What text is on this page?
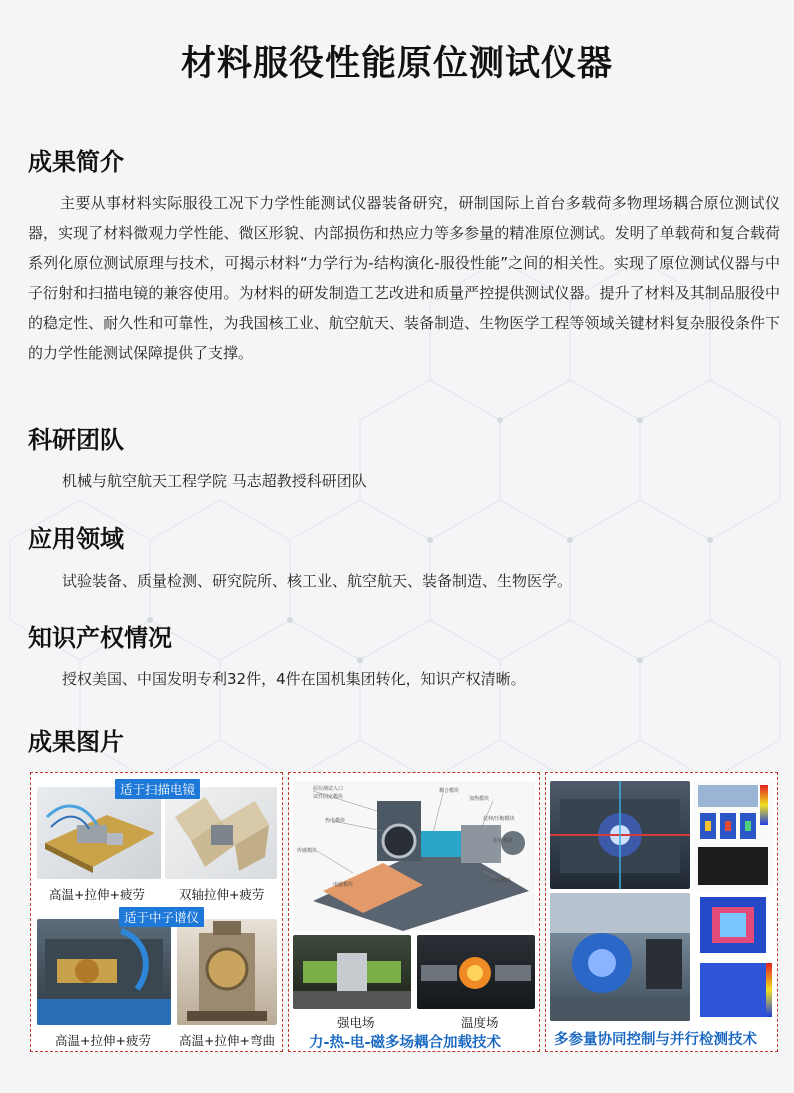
材料服役性能原位测试仪器
成果简介
主要从事材料实际服役工况下力学性能测试仪器装备研究，研制国际上首台多载荷多物理场耦合原位测试仪器，实现了材料微观力学性能、微区形貌、内部损伤和热应力等多参量的精准原位测试。发明了单载荷和复合载荷系列化原位测试原理与技术，可揭示材料“力学行为-结构演化-服役性能”之间的相关性。实现了原位测试仪器与中子衍射和扫描电镜的兼容使用。为材料的研发制造工艺改进和质量严控提供测试仪器。提升了材料及其制品服役中的稳定性、耐久性和可靠性，为我国核工业、航空航天、装备制造、生物医学工程等领域关键材料复杂服役条件下的力学性能测试保障提供了支撑。
科研团队
机械与航空航天工程学院 马志超教授科研团队
应用领域
试验装备、质量检测、研究院所、核工业、航空航天、装备制造、生物医学。
知识产权情况
授权美国、中国发明专利32件，4件在国机集团转化，知识产权清晰。
成果图片
适于扫描电镜
高温+拉伸+疲劳	双轴拉伸+疲劳
适于中子谱仪
高温+拉伸+疲劳 高温+拉伸+弯曲
原位测试入口
试件固定模块
热电模块
耦合模块
加热模块
拉伸/压缩模块
扭转模块
传感模块
压板模块
电磁模块
强电场	温度场
力-热-电-磁多场耦合加载技术	多参量协同控制与并行检测技术
